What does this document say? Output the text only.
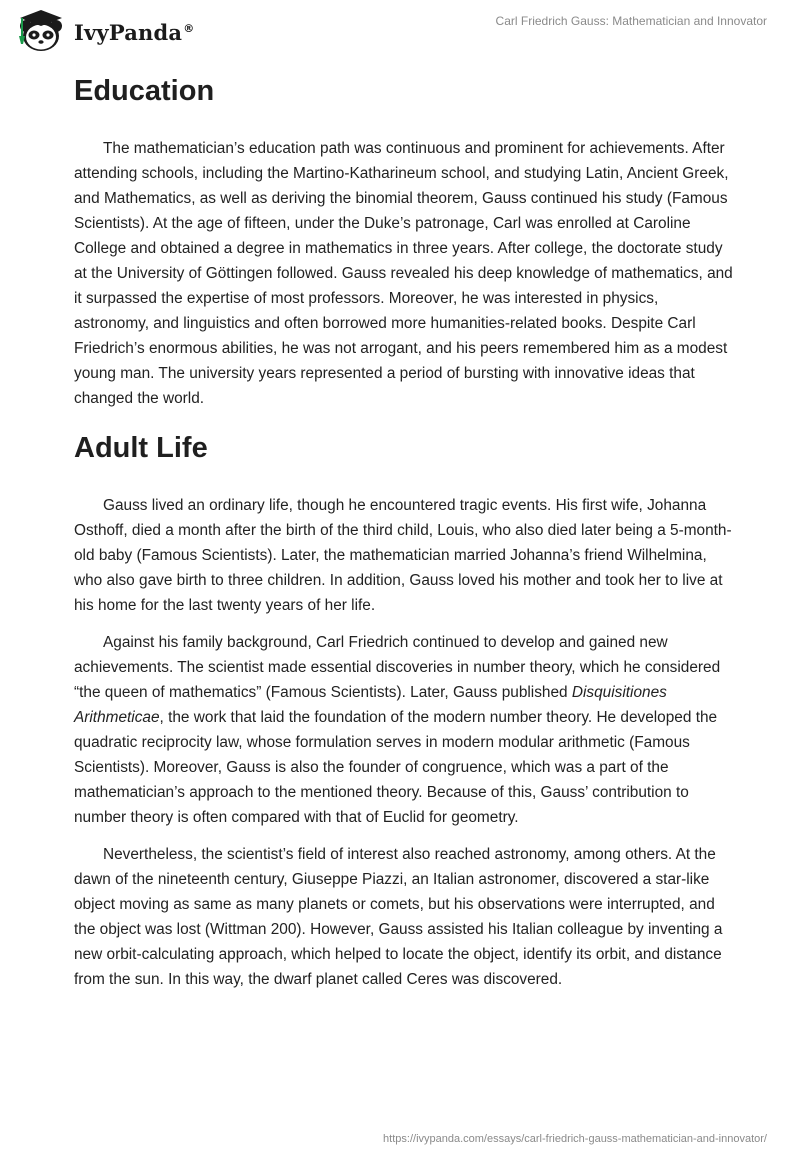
IvyPanda®	Carl Friedrich Gauss: Mathematician and Innovator
Education

The mathematician’s education path was continuous and prominent for achievements. After attending schools, including the Martino-Katharineum school, and studying Latin, Ancient Greek, and Mathematics, as well as deriving the binomial theorem, Gauss continued his study (Famous Scientists). At the age of fifteen, under the Duke’s patronage, Carl was enrolled at Caroline College and obtained a degree in mathematics in three years. After college, the doctorate study at the University of Göttingen followed. Gauss revealed his deep knowledge of mathematics, and it surpassed the expertise of most professors. Moreover, he was interested in physics, astronomy, and linguistics and often borrowed more humanities-related books. Despite Carl Friedrich’s enormous abilities, he was not arrogant, and his peers remembered him as a modest young man. The university years represented a period of bursting with innovative ideas that changed the world.

Adult Life

Gauss lived an ordinary life, though he encountered tragic events. His first wife, Johanna Osthoff, died a month after the birth of the third child, Louis, who also died later being a 5-month-old baby (Famous Scientists). Later, the mathematician married Johanna’s friend Wilhelmina, who also gave birth to three children. In addition, Gauss loved his mother and took her to live at his home for the last twenty years of her life.

Against his family background, Carl Friedrich continued to develop and gained new achievements. The scientist made essential discoveries in number theory, which he considered “the queen of mathematics” (Famous Scientists). Later, Gauss published Disquisitiones Arithmeticae, the work that laid the foundation of the modern number theory. He developed the quadratic reciprocity law, whose formulation serves in modern modular arithmetic (Famous Scientists). Moreover, Gauss is also the founder of congruence, which was a part of the mathematician’s approach to the mentioned theory. Because of this, Gauss’ contribution to number theory is often compared with that of Euclid for geometry.

Nevertheless, the scientist’s field of interest also reached astronomy, among others. At the dawn of the nineteenth century, Giuseppe Piazzi, an Italian astronomer, discovered a star-like object moving as same as many planets or comets, but his observations were interrupted, and the object was lost (Wittman 200). However, Gauss assisted his Italian colleague by inventing a new orbit-calculating approach, which helped to locate the object, identify its orbit, and distance from the sun. In this way, the dwarf planet called Ceres was discovered.

https://ivypanda.com/essays/carl-friedrich-gauss-mathematician-and-innovator/
